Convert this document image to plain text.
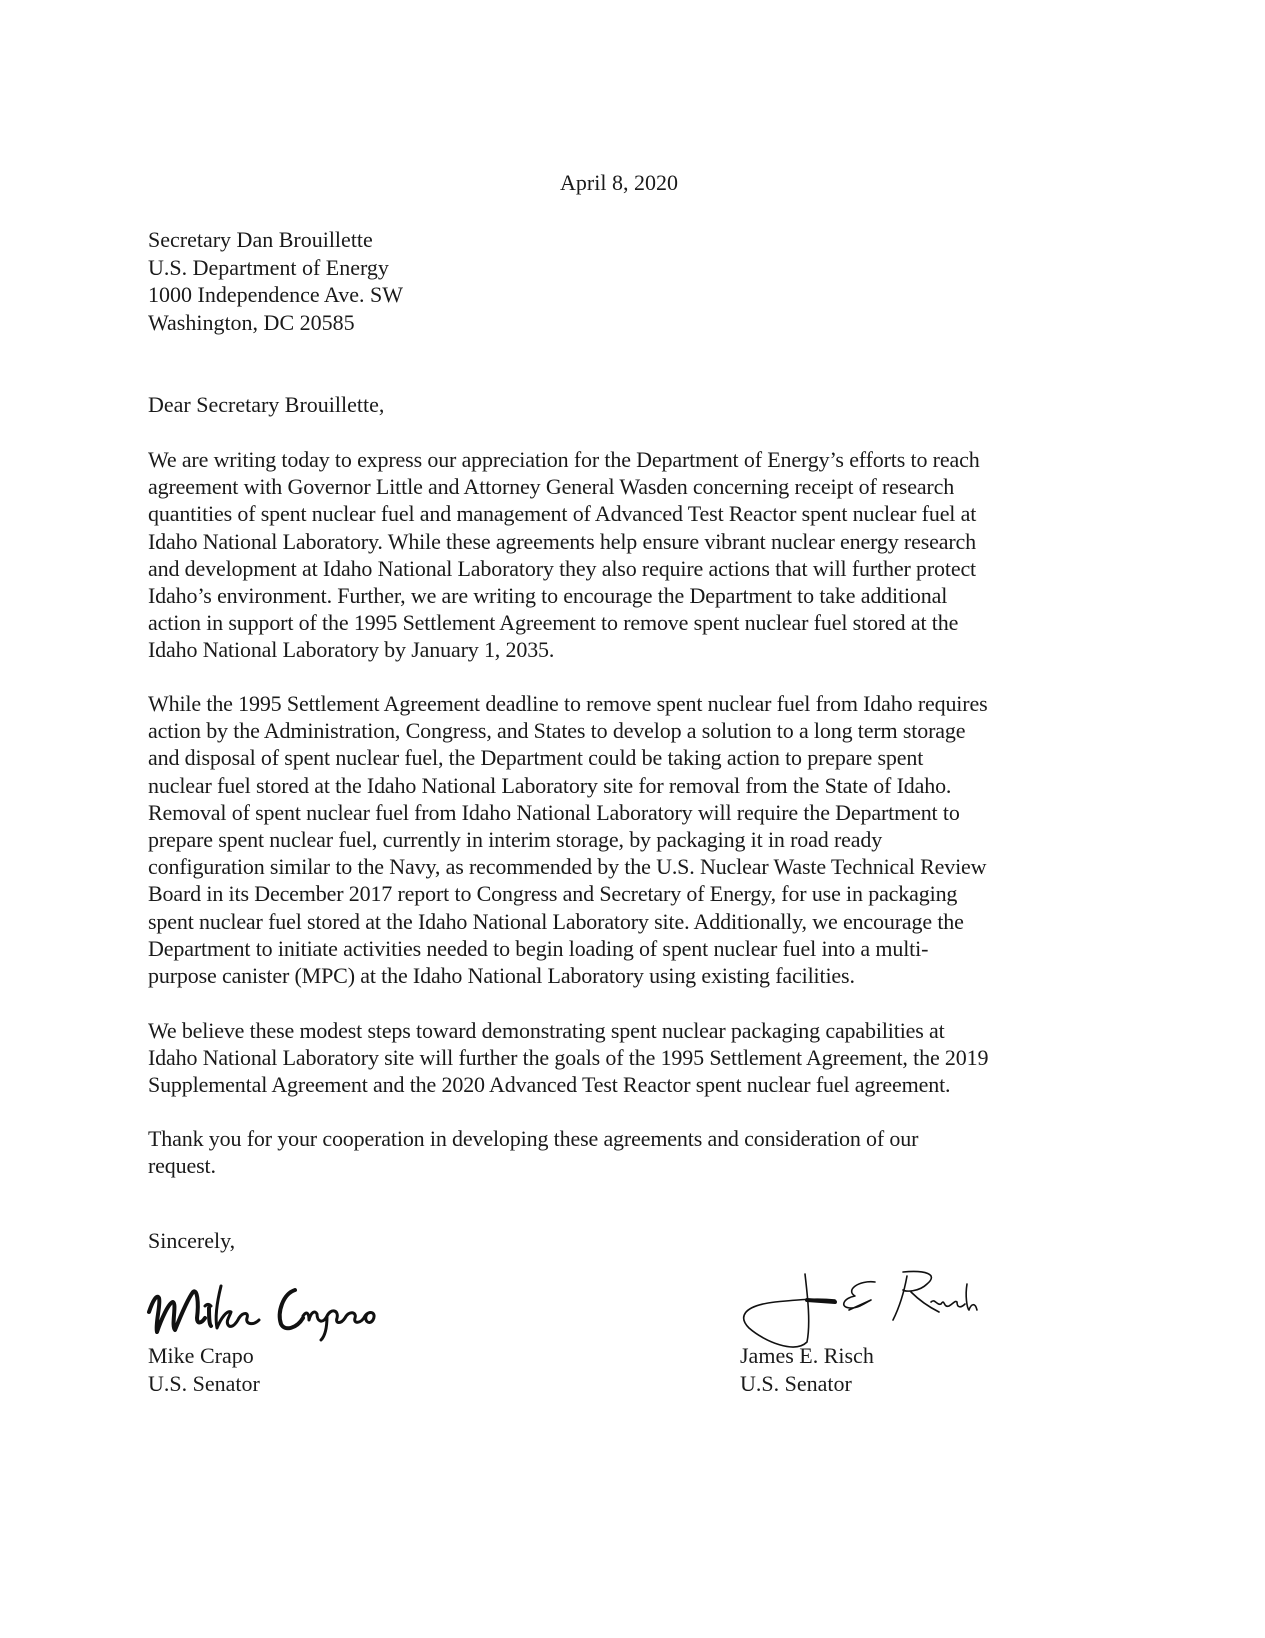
April 8, 2020
Secretary Dan Brouillette
U.S. Department of Energy
1000 Independence Ave. SW
Washington, DC 20585
Dear Secretary Brouillette,
We are writing today to express our appreciation for the Department of Energy’s efforts to reach
agreement with Governor Little and Attorney General Wasden concerning receipt of research
quantities of spent nuclear fuel and management of Advanced Test Reactor spent nuclear fuel at
Idaho National Laboratory. While these agreements help ensure vibrant nuclear energy research
and development at Idaho National Laboratory they also require actions that will further protect
Idaho’s environment. Further, we are writing to encourage the Department to take additional
action in support of the 1995 Settlement Agreement to remove spent nuclear fuel stored at the
Idaho National Laboratory by January 1, 2035.
While the 1995 Settlement Agreement deadline to remove spent nuclear fuel from Idaho requires
action by the Administration, Congress, and States to develop a solution to a long term storage
and disposal of spent nuclear fuel, the Department could be taking action to prepare spent
nuclear fuel stored at the Idaho National Laboratory site for removal from the State of Idaho.
Removal of spent nuclear fuel from Idaho National Laboratory will require the Department to
prepare spent nuclear fuel, currently in interim storage, by packaging it in road ready
configuration similar to the Navy, as recommended by the U.S. Nuclear Waste Technical Review
Board in its December 2017 report to Congress and Secretary of Energy, for use in packaging
spent nuclear fuel stored at the Idaho National Laboratory site. Additionally, we encourage the
Department to initiate activities needed to begin loading of spent nuclear fuel into a multi-
purpose canister (MPC) at the Idaho National Laboratory using existing facilities.
We believe these modest steps toward demonstrating spent nuclear packaging capabilities at
Idaho National Laboratory site will further the goals of the 1995 Settlement Agreement, the 2019
Supplemental Agreement and the 2020 Advanced Test Reactor spent nuclear fuel agreement.
Thank you for your cooperation in developing these agreements and consideration of our
request.
Sincerely,
Mike Crapo
U.S. Senator
James E. Risch
U.S. Senator
